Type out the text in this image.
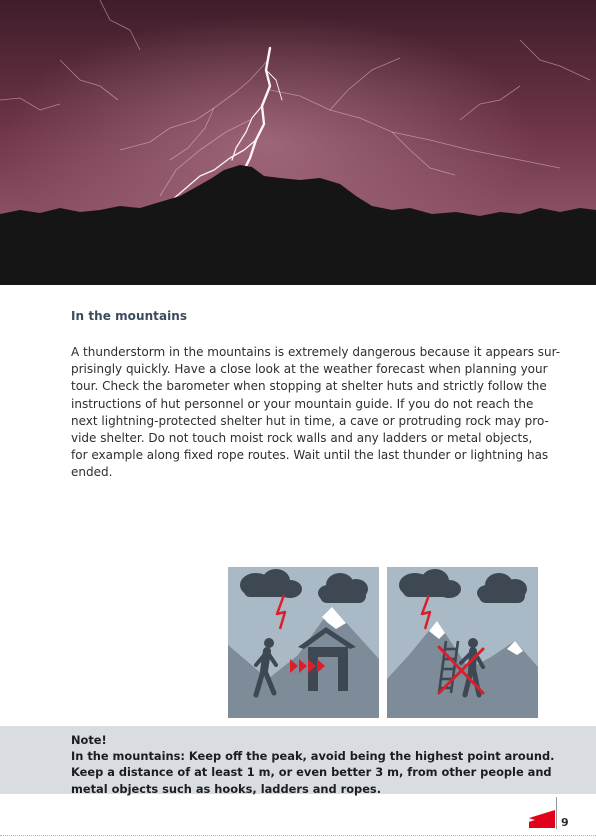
In the mountains
A thunderstorm in the mountains is extremely dangerous because it appears sur-
prisingly quickly. Have a close look at the weather forecast when planning your
tour. Check the barometer when stopping at shelter huts and strictly follow the
instructions of hut personnel or your mountain guide. If you do not reach the
next lightning-protected shelter hut in time, a cave or protruding rock may pro-
vide shelter. Do not touch moist rock walls and any ladders or metal objects,
for example along fixed rope routes. Wait until the last thunder or lightning has
ended.
Note!
In the mountains: Keep off the peak, avoid being the highest point around.
Keep a distance of at least 1 m, or even better 3 m, from other people and
metal objects such as hooks, ladders and ropes.
9
